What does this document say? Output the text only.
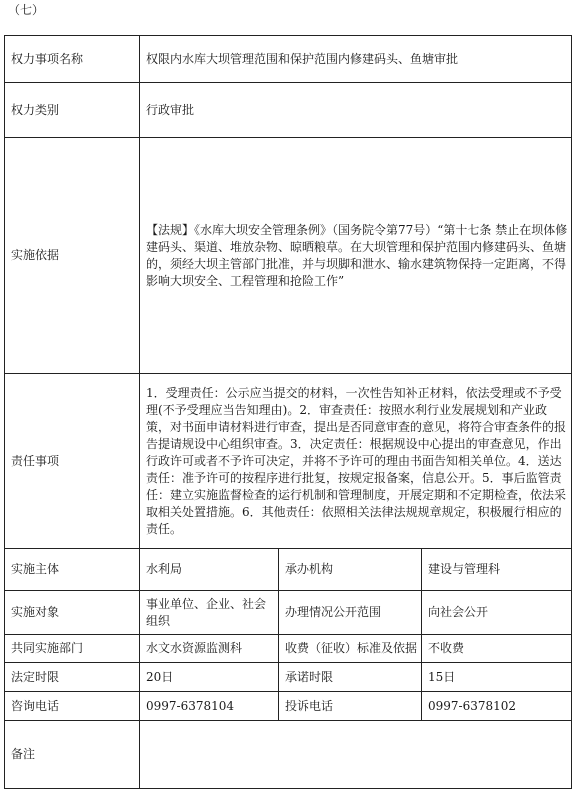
（七）
权力事项名称	权限内水库大坝管理范围和保护范围内修建码头、鱼塘审批		
权力类别	行政审批		
实施依据	【法规】《水库大坝安全管理条例》（国务院令第77号）“第十七条 禁止在坝体修建码头、渠道、堆放杂物、晾晒粮草。在大坝管理和保护范围内修建码头、鱼塘的，须经大坝主管部门批准，并与坝脚和泄水、输水建筑物保持一定距离，不得影响大坝安全、工程管理和抢险工作”		
责任事项	1．受理责任：公示应当提交的材料，一次性告知补正材料，依法受理或不予受理(不予受理应当告知理由)。2．审查责任：按照水利行业发展规划和产业政策，对书面申请材料进行审查，提出是否同意审查的意见，将符合审查条件的报告提请规设中心组织审查。3．决定责任：根据规设中心提出的审查意见，作出行政许可或者不予许可决定，并将不予许可的理由书面告知相关单位。4．送达责任：准予许可的按程序进行批复，按规定报备案，信息公开。5．事后监管责任：建立实施监督检查的运行机制和管理制度，开展定期和不定期检查，依法采取相关处置措施。6．其他责任：依照相关法律法规规章规定，积极履行相应的责任。		
实施主体	水利局	承办机构	建设与管理科
实施对象	事业单位、企业、社会组织	办理情况公开范围	向社会公开
共同实施部门	水文水资源监测科	收费（征收）标准及依据	不收费
法定时限	20日	承诺时限	15日
咨询电话	0997-6378104	投诉电话	0997-6378102
备注			
